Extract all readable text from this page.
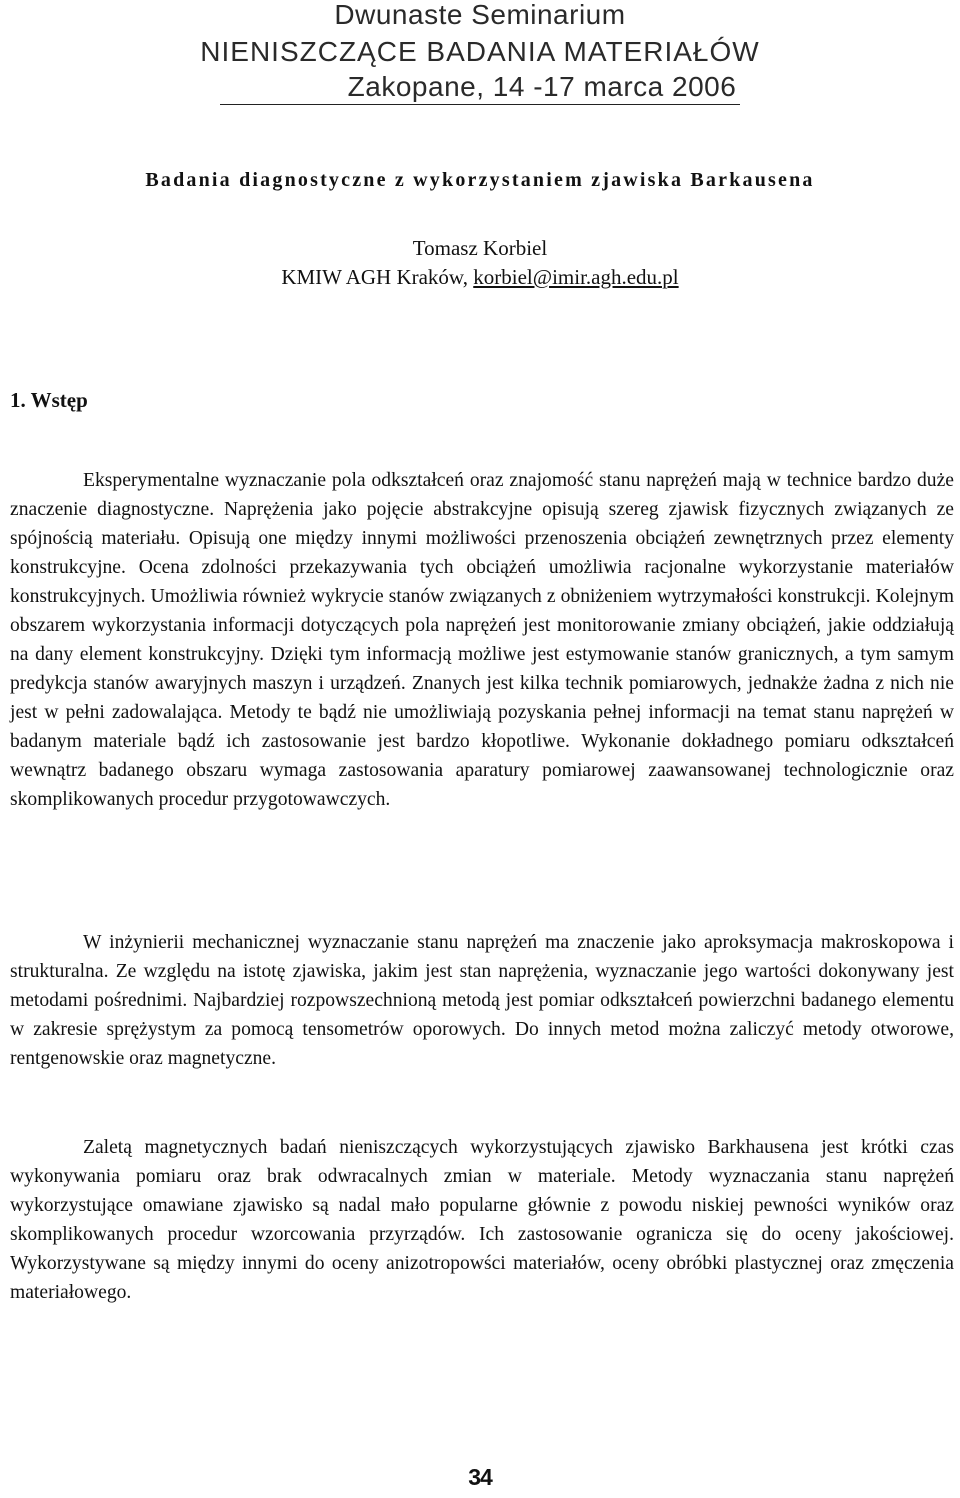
Dwunaste Seminarium
NIENISZCZĄCE BADANIA MATERIAŁÓW
Zakopane, 14 -17 marca 2006
Badania diagnostyczne z wykorzystaniem zjawiska Barkausena
Tomasz Korbiel
KMIW AGH Kraków, korbiel@imir.agh.edu.pl
1. Wstęp

Eksperymentalne wyznaczanie pola odkształceń oraz znajomość stanu naprężeń mają w technice bardzo duże znaczenie diagnostyczne. Naprężenia jako pojęcie abstrakcyjne opisują szereg zjawisk fizycznych związanych ze spójnością materiału. Opisują one między innymi możliwości przenoszenia obciążeń zewnętrznych przez elementy konstrukcyjne. Ocena zdolności przekazywania tych obciążeń umożliwia racjonalne wykorzystanie materiałów konstrukcyjnych. Umożliwia również wykrycie stanów związanych z obniżeniem wytrzymałości konstrukcji. Kolejnym obszarem wykorzystania informacji dotyczących pola naprężeń jest monitorowanie zmiany obciążeń, jakie oddziałują na dany element konstrukcyjny. Dzięki tym informacją możliwe jest estymowanie stanów granicznych, a tym samym predykcja stanów awaryjnych maszyn i urządzeń. Znanych jest kilka technik pomiarowych, jednakże żadna z nich nie jest w pełni zadowalająca. Metody te bądź nie umożliwiają pozyskania pełnej informacji na temat stanu naprężeń w badanym materiale bądź ich zastosowanie jest bardzo kłopotliwe. Wykonanie dokładnego pomiaru odkształceń wewnątrz badanego obszaru wymaga zastosowania aparatury pomiarowej zaawansowanej technologicznie oraz skomplikowanych procedur przygotowawczych.

W inżynierii mechanicznej wyznaczanie stanu naprężeń ma znaczenie jako aproksymacja makroskopowa i strukturalna. Ze względu na istotę zjawiska, jakim jest stan naprężenia, wyznaczanie jego wartości dokonywany jest metodami pośrednimi. Najbardziej rozpowszechnioną metodą jest pomiar odkształceń powierzchni badanego elementu w zakresie sprężystym za pomocą tensometrów oporowych. Do innych metod można zaliczyć metody otworowe, rentgenowskie oraz magnetyczne.

Zaletą magnetycznych badań nieniszczących wykorzystujących zjawisko Barkhausena jest krótki czas wykonywania pomiaru oraz brak odwracalnych zmian w materiale. Metody wyznaczania stanu naprężeń wykorzystujące omawiane zjawisko są nadal mało popularne głównie z powodu niskiej pewności wyników oraz skomplikowanych procedur wzorcowania przyrządów. Ich zastosowanie ogranicza się do oceny jakościowej. Wykorzystywane są między innymi do oceny anizotropowści materiałów, oceny obróbki plastycznej oraz zmęczenia materiałowego.

34
